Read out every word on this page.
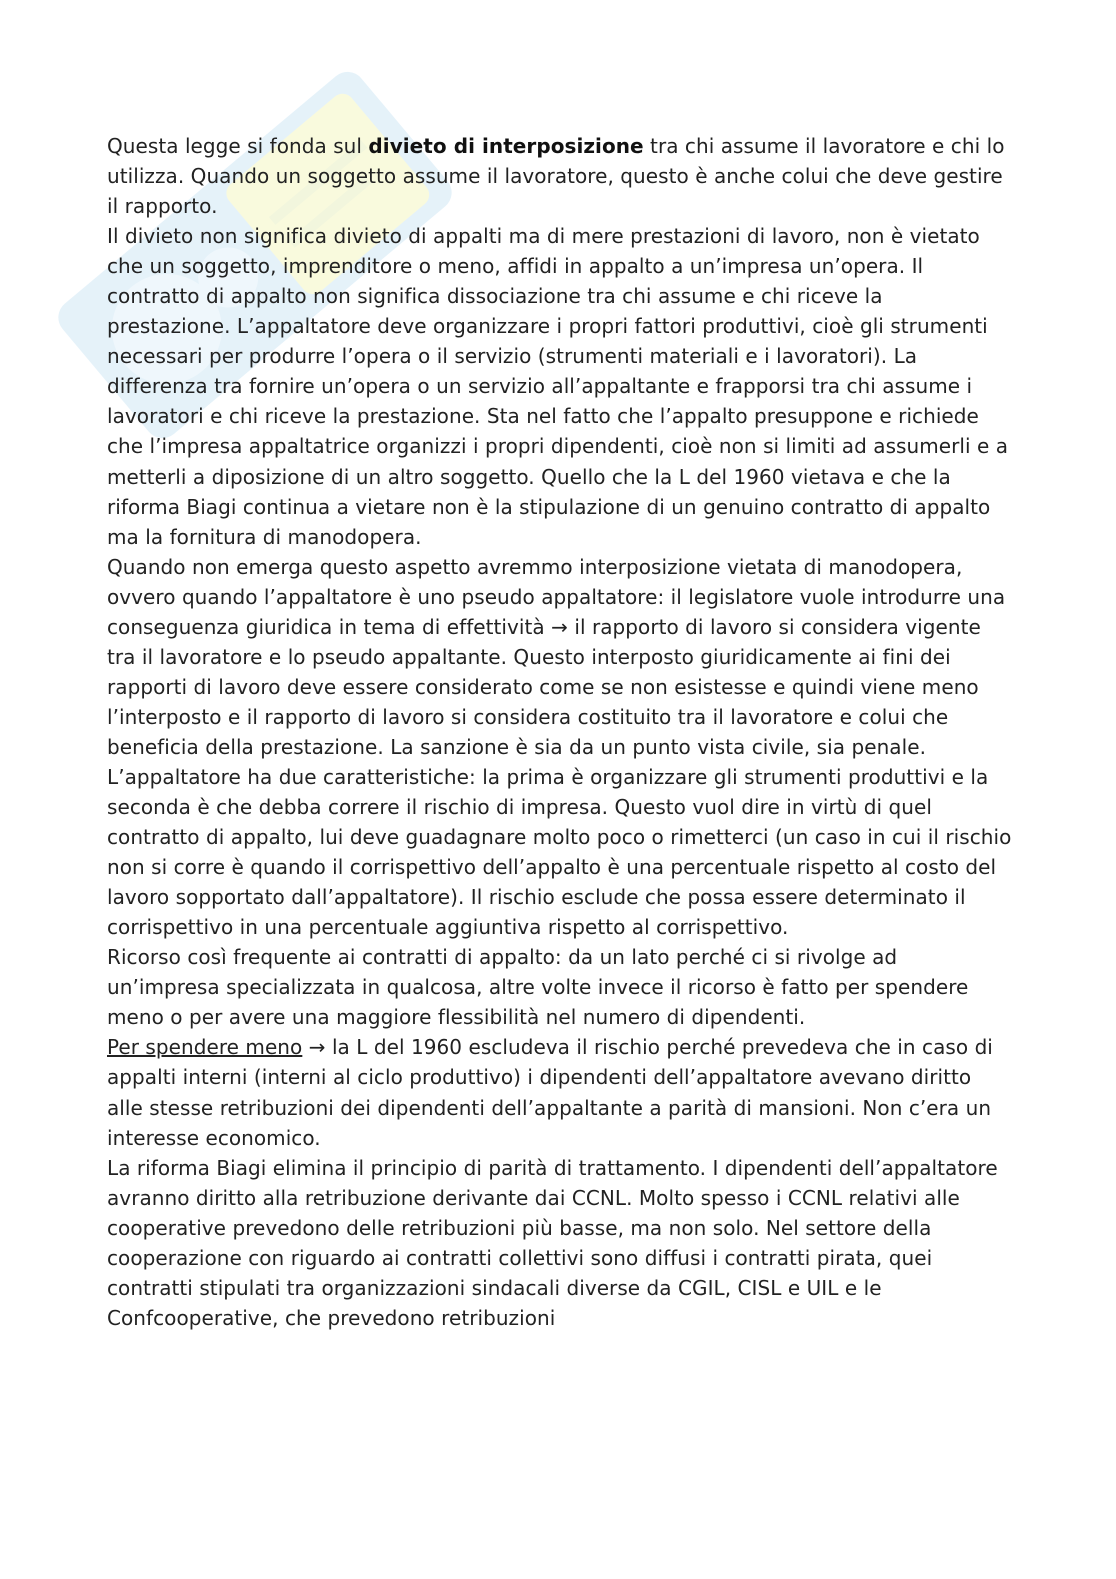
Questa legge si fonda sul divieto di interposizione tra chi assume il lavoratore e chi lo utilizza. Quando un soggetto assume il lavoratore, questo è anche colui che deve gestire il rapporto.

Il divieto non significa divieto di appalti ma di mere prestazioni di lavoro, non è vietato che un soggetto, imprenditore o meno, affidi in appalto a un’impresa un’opera. Il contratto di appalto non significa dissociazione tra chi assume e chi riceve la prestazione. L’appaltatore deve organizzare i propri fattori produttivi, cioè gli strumenti necessari per produrre l’opera o il servizio (strumenti materiali e i lavoratori). La differenza tra fornire un’opera o un servizio all’appaltante e frapporsi tra chi assume i lavoratori e chi riceve la prestazione. Sta nel fatto che l’appalto presuppone e richiede che l’impresa appaltatrice organizzi i propri dipendenti, cioè non si limiti ad assumerli e a metterli a diposizione di un altro soggetto. Quello che la L del 1960 vietava e che la riforma Biagi continua a vietare non è la stipulazione di un genuino contratto di appalto ma la fornitura di manodopera.

Quando non emerga questo aspetto avremmo interposizione vietata di manodopera, ovvero quando l’appaltatore è uno pseudo appaltatore: il legislatore vuole introdurre una conseguenza giuridica in tema di effettività → il rapporto di lavoro si considera vigente tra il lavoratore e lo pseudo appaltante. Questo interposto giuridicamente ai fini dei rapporti di lavoro deve essere considerato come se non esistesse e quindi viene meno l’interposto e il rapporto di lavoro si considera costituito tra il lavoratore e colui che beneficia della prestazione. La sanzione è sia da un punto vista civile, sia penale.

L’appaltatore ha due caratteristiche: la prima è organizzare gli strumenti produttivi e la seconda è che debba correre il rischio di impresa. Questo vuol dire in virtù di quel contratto di appalto, lui deve guadagnare molto poco o rimetterci (un caso in cui il rischio non si corre è quando il corrispettivo dell’appalto è una percentuale rispetto al costo del lavoro sopportato dall’appaltatore). Il rischio esclude che possa essere determinato il corrispettivo in una percentuale aggiuntiva rispetto al corrispettivo.

Ricorso così frequente ai contratti di appalto: da un lato perché ci si rivolge ad un’impresa specializzata in qualcosa, altre volte invece il ricorso è fatto per spendere meno o per avere una maggiore flessibilità nel numero di dipendenti.

Per spendere meno → la L del 1960 escludeva il rischio perché prevedeva che in caso di appalti interni (interni al ciclo produttivo) i dipendenti dell’appaltatore avevano diritto alle stesse retribuzioni dei dipendenti dell’appaltante a parità di mansioni. Non c’era un interesse economico.

La riforma Biagi elimina il principio di parità di trattamento. I dipendenti dell’appaltatore avranno diritto alla retribuzione derivante dai CCNL. Molto spesso i CCNL relativi alle cooperative prevedono delle retribuzioni più basse, ma non solo. Nel settore della cooperazione con riguardo ai contratti collettivi sono diffusi i contratti pirata, quei contratti stipulati tra organizzazioni sindacali diverse da CGIL, CISL e UIL e le Confcooperative, che prevedono retribuzioni
